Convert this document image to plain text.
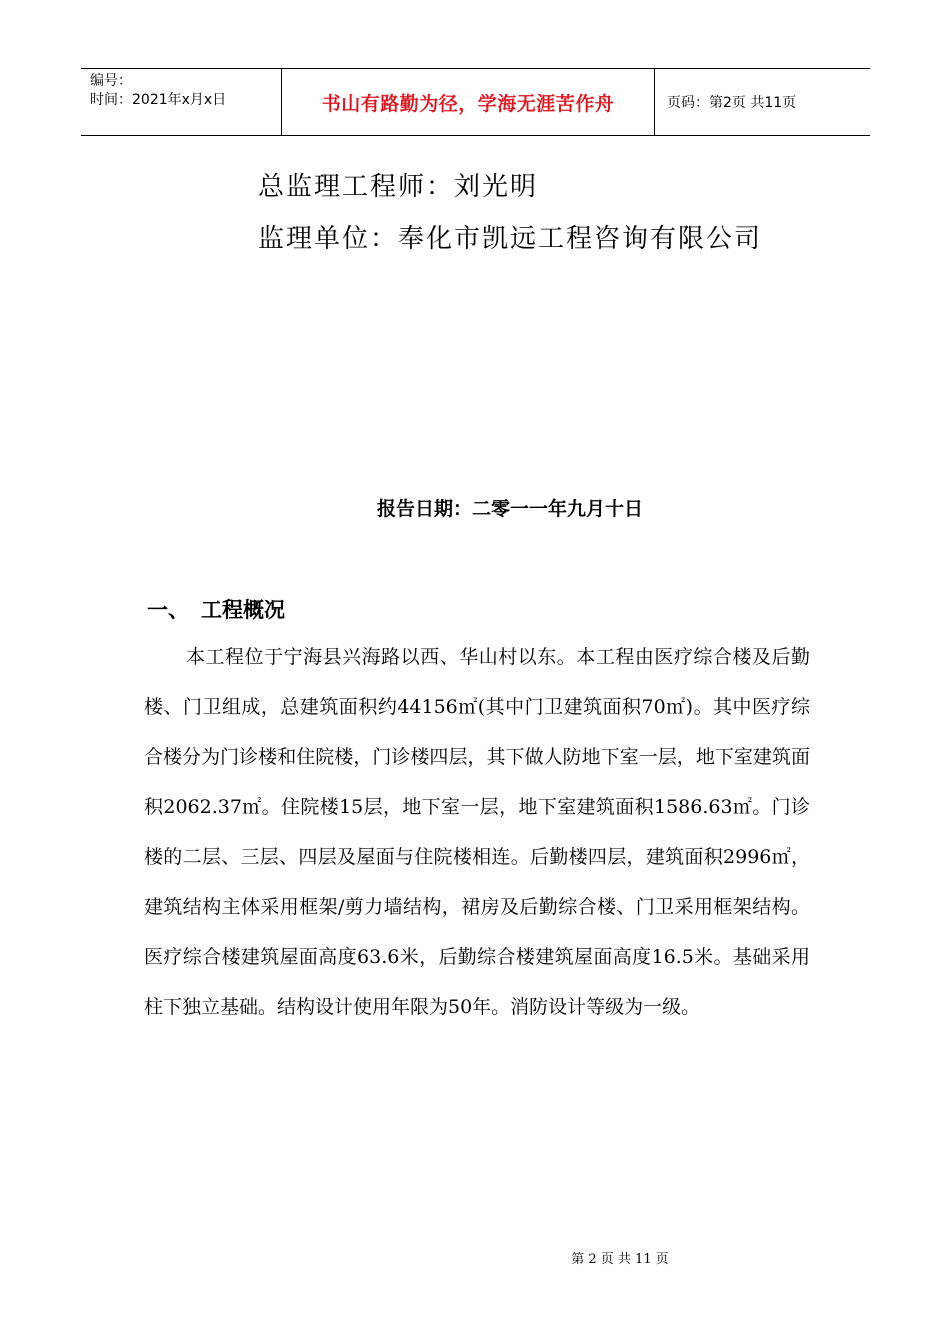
编号：
时间：2021年x月x日	书山有路勤为径，学海无涯苦作舟	页码：第2页 共11页
总监理工程师：刘光明
监理单位：奉化市凯远工程咨询有限公司
报告日期：二零一一年九月十日
一、 工程概况
本工程位于宁海县兴海路以西、华山村以东。本工程由医疗综合楼及后勤楼、门卫组成，总建筑面积约44156㎡(其中门卫建筑面积70㎡)。其中医疗综合楼分为门诊楼和住院楼，门诊楼四层，其下做人防地下室一层，地下室建筑面积2062.37㎡。住院楼15层，地下室一层，地下室建筑面积1586.63㎡。门诊楼的二层、三层、四层及屋面与住院楼相连。后勤楼四层，建筑面积2996㎡，建筑结构主体采用框架/剪力墙结构，裙房及后勤综合楼、门卫采用框架结构。医疗综合楼建筑屋面高度63.6米，后勤综合楼建筑屋面高度16.5米。基础采用柱下独立基础。结构设计使用年限为50年。消防设计等级为一级。
第 2 页 共 11 页
